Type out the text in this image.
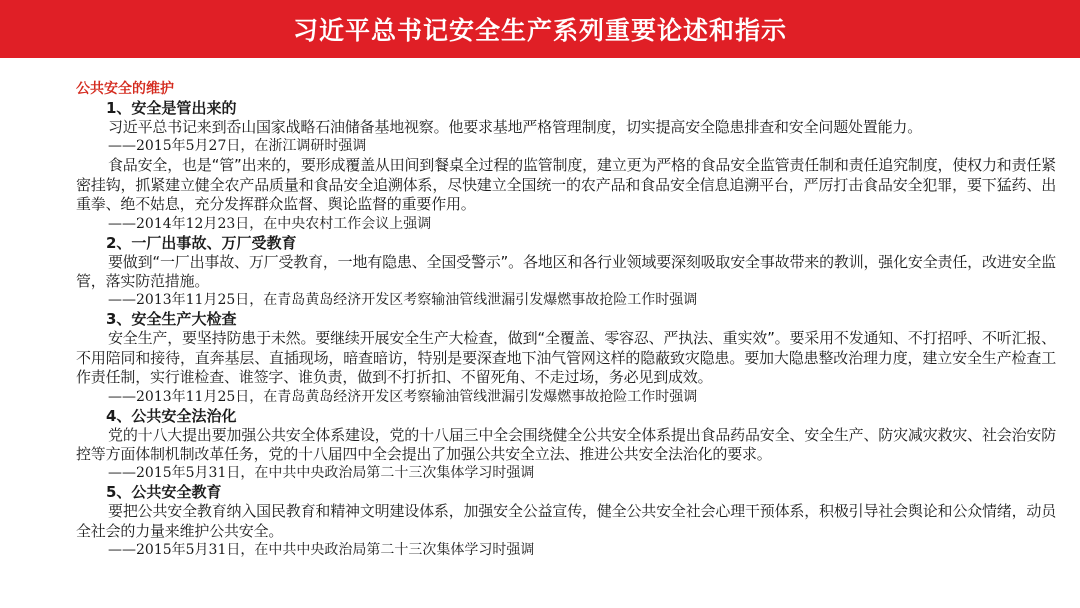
习近平总书记安全生产系列重要论述和指示
公共安全的维护
1、安全是管出来的

习近平总书记来到岙山国家战略石油储备基地视察。他要求基地严格管理制度，切实提高安全隐患排查和安全问题处置能力。

——2015年5月27日，在浙江调研时强调

食品安全，也是“管”出来的，要形成覆盖从田间到餐桌全过程的监管制度，建立更为严格的食品安全监管责任制和责任追究制度，使权力和责任紧密挂钩，抓紧建立健全农产品质量和食品安全追溯体系，尽快建立全国统一的农产品和食品安全信息追溯平台，严厉打击食品安全犯罪，要下猛药、出重拳、绝不姑息，充分发挥群众监督、舆论监督的重要作用。

——2014年12月23日，在中央农村工作会议上强调
2、一厂出事故、万厂受教育

要做到“一厂出事故、万厂受教育，一地有隐患、全国受警示”。各地区和各行业领域要深刻吸取安全事故带来的教训，强化安全责任，改进安全监管，落实防范措施。

——2013年11月25日，在青岛黄岛经济开发区考察输油管线泄漏引发爆燃事故抢险工作时强调
3、安全生产大检查

安全生产，要坚持防患于未然。要继续开展安全生产大检查，做到“全覆盖、零容忍、严执法、重实效”。要采用不发通知、不打招呼、不听汇报、不用陪同和接待，直奔基层、直插现场，暗查暗访，特别是要深查地下油气管网这样的隐蔽致灾隐患。要加大隐患整改治理力度，建立安全生产检查工作责任制，实行谁检查、谁签字、谁负责，做到不打折扣、不留死角、不走过场，务必见到成效。

——2013年11月25日，在青岛黄岛经济开发区考察输油管线泄漏引发爆燃事故抢险工作时强调
4、公共安全法治化

党的十八大提出要加强公共安全体系建设，党的十八届三中全会围绕健全公共安全体系提出食品药品安全、安全生产、防灾减灾救灾、社会治安防控等方面体制机制改革任务，党的十八届四中全会提出了加强公共安全立法、推进公共安全法治化的要求。

——2015年5月31日，在中共中央政治局第二十三次集体学习时强调
5、公共安全教育

要把公共安全教育纳入国民教育和精神文明建设体系，加强安全公益宣传，健全公共安全社会心理干预体系，积极引导社会舆论和公众情绪，动员全社会的力量来维护公共安全。

——2015年5月31日，在中共中央政治局第二十三次集体学习时强调
